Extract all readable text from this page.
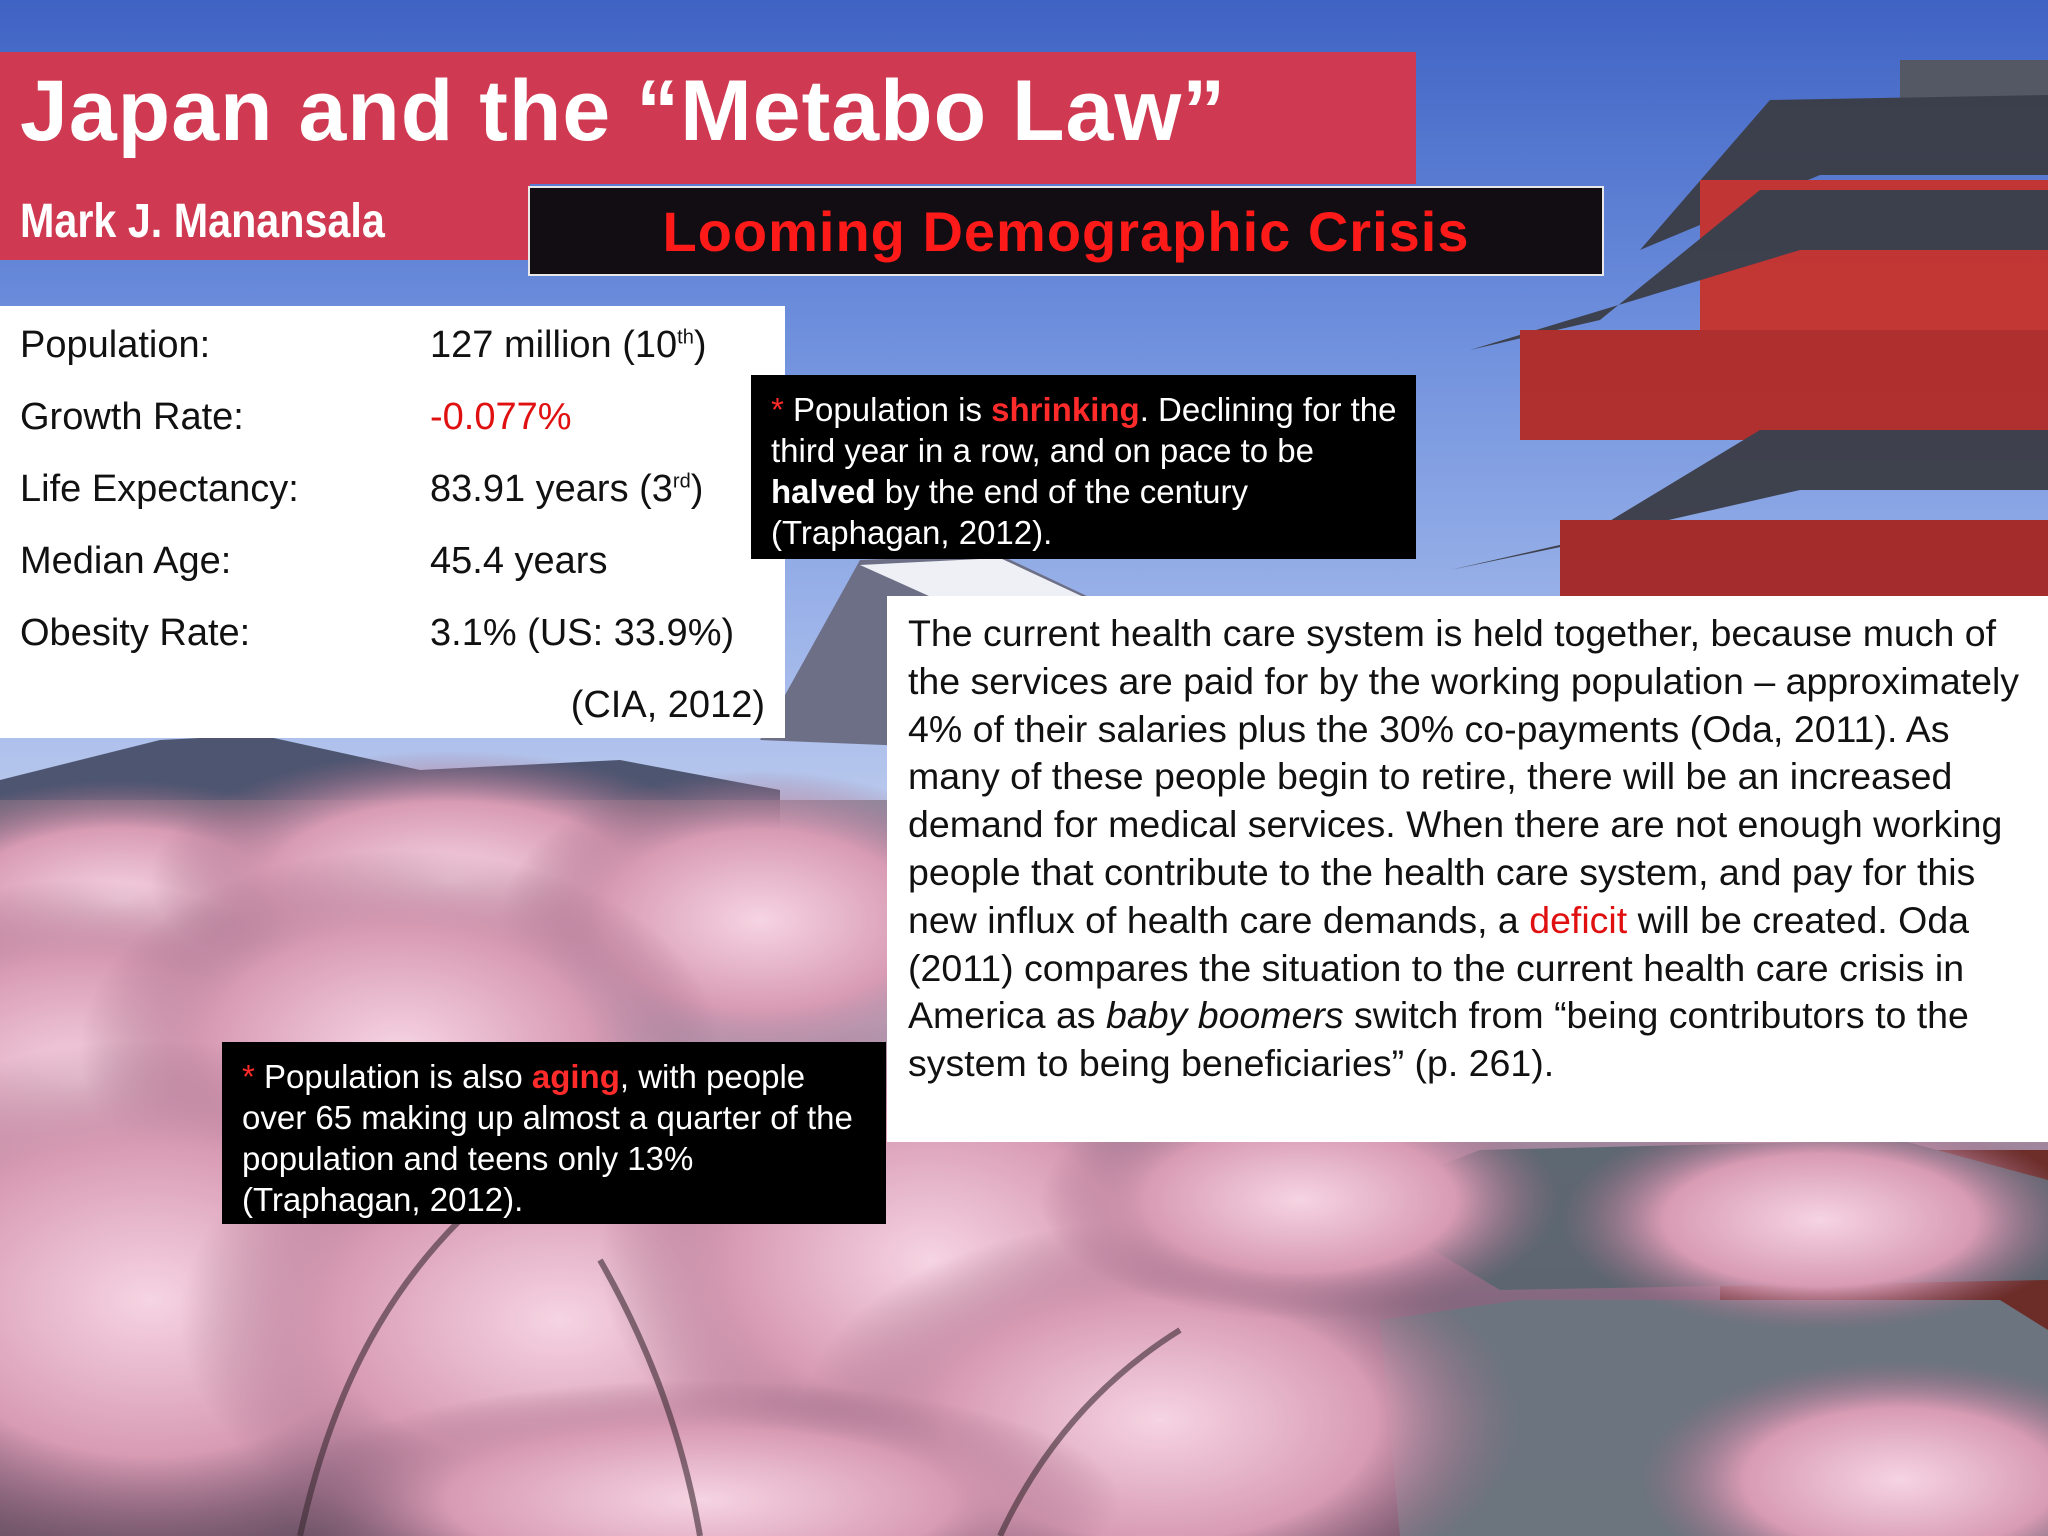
Japan and the “Metabo Law”
Mark J. Manansala	Looming Demographic Crisis
Population:	127 million (10th)
Growth Rate:	-0.077%
Life Expectancy:	83.91 years (3rd)
Median Age:	45.4 years
Obesity Rate:	3.1% (US: 33.9%)
(CIA, 2012)
* Population is shrinking. Declining for the third year in a row, and on pace to be halved by the end of the century (Traphagan, 2012).
* Population is also aging, with people over 65 making up almost a quarter of the population and teens only 13% (Traphagan, 2012).
The current health care system is held together, because much of the services are paid for by the working population – approximately 4% of their salaries plus the 30% co-payments (Oda, 2011). As many of these people begin to retire, there will be an increased demand for medical services. When there are not enough working people that contribute to the health care system, and pay for this new influx of health care demands, a deficit will be created. Oda (2011) compares the situation to the current health care crisis in America as baby boomers switch from “being contributors to the system to being beneficiaries” (p. 261).
